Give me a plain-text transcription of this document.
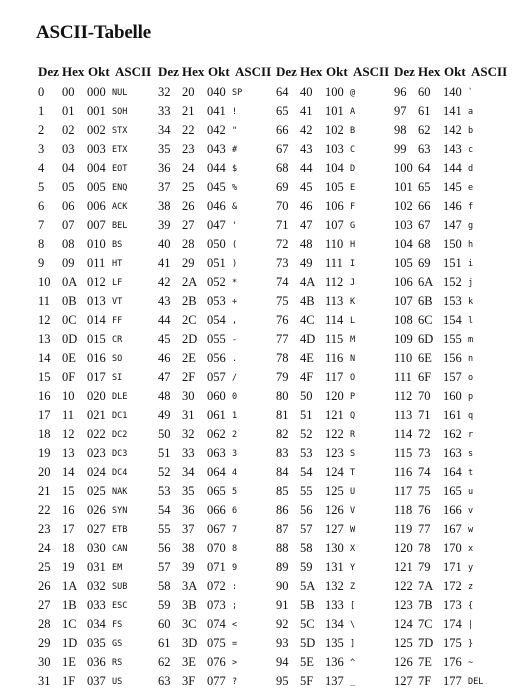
ASCII-Tabelle
Dez Hex Okt ASCII
0 00 000 NUL
1 01 001 SOH
2 02 002 STX
3 03 003 ETX
4 04 004 EOT
5 05 005 ENQ
6 06 006 ACK
7 07 007 BEL
8 08 010 BS
9 09 011 HT
10 0A 012 LF
11 0B 013 VT
12 0C 014 FF
13 0D 015 CR
14 0E 016 SO
15 0F 017 SI
16 10 020 DLE
17 11 021 DC1
18 12 022 DC2
19 13 023 DC3
20 14 024 DC4
21 15 025 NAK
22 16 026 SYN
23 17 027 ETB
24 18 030 CAN
25 19 031 EM
26 1A 032 SUB
27 1B 033 ESC
28 1C 034 FS
29 1D 035 GS
30 1E 036 RS
31 1F 037 US
Dez Hex Okt ASCII
32 20 040 SP
33 21 041 !
34 22 042 "
35 23 043 #
36 24 044 $
37 25 045 %
38 26 046 &
39 27 047 '
40 28 050 (
41 29 051 )
42 2A 052 *
43 2B 053 +
44 2C 054 ,
45 2D 055 -
46 2E 056 .
47 2F 057 /
48 30 060 0
49 31 061 1
50 32 062 2
51 33 063 3
52 34 064 4
53 35 065 5
54 36 066 6
55 37 067 7
56 38 070 8
57 39 071 9
58 3A 072 :
59 3B 073 ;
60 3C 074 <
61 3D 075 =
62 3E 076 >
63 3F 077 ?
Dez Hex Okt ASCII
64 40 100 @
65 41 101 A
66 42 102 B
67 43 103 C
68 44 104 D
69 45 105 E
70 46 106 F
71 47 107 G
72 48 110 H
73 49 111 I
74 4A 112 J
75 4B 113 K
76 4C 114 L
77 4D 115 M
78 4E 116 N
79 4F 117 O
80 50 120 P
81 51 121 Q
82 52 122 R
83 53 123 S
84 54 124 T
85 55 125 U
86 56 126 V
87 57 127 W
88 58 130 X
89 59 131 Y
90 5A 132 Z
91 5B 133 [
92 5C 134 \
93 5D 135 ]
94 5E 136 ^
95 5F 137 _
Dez Hex Okt ASCII
96 60 140 `
97 61 141 a
98 62 142 b
99 63 143 c
100 64 144 d
101 65 145 e
102 66 146 f
103 67 147 g
104 68 150 h
105 69 151 i
106 6A 152 j
107 6B 153 k
108 6C 154 l
109 6D 155 m
110 6E 156 n
111 6F 157 o
112 70 160 p
113 71 161 q
114 72 162 r
115 73 163 s
116 74 164 t
117 75 165 u
118 76 166 v
119 77 167 w
120 78 170 x
121 79 171 y
122 7A 172 z
123 7B 173 {
124 7C 174 |
125 7D 175 }
126 7E 176 ~
127 7F 177 DEL
